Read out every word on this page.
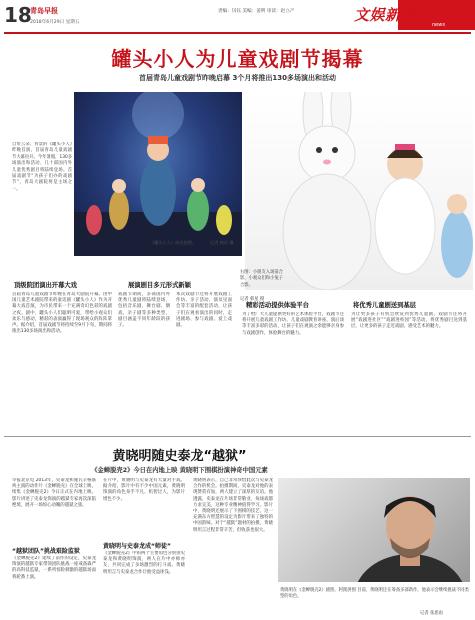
18
青岛早报
2018年6月29日 星期五
责编：闫钰 美编：姜明 审读：赵立产	文娱新闻
news
罐头小人为儿童戏剧节揭幕
首届青岛儿童戏剧节昨晚启幕 3个月将推出130多场演出和活动
自带云朵、背景的《罐头小人》昨晚首演，首届青岛儿童戏剧节大幕拉开。今年暑假，130多场演出和活动、几十部国内外儿童优秀剧目将陆续登场。首届戏剧节“为孩子们办的戏剧节”，青岛大剧院将是主场之一。
《罐头小人》演出剧照。	记者 韩星 摄
右图：小朋友入场前合影，小观众们和小兔子合影。
记者 韩星 摄
顶级院团演出开幕大戏
首届青岛儿童戏剧节昨晚在青岛大剧院开幕。由中国儿童艺术剧院带来的童话剧《罐头小人》作为开幕大戏首演，为市民带来一个充满奇幻色彩的戏剧之夜。剧中，罐头小人们聪明可爱，带给小观众们欢乐与感动，精彩的表演赢得了现场观众的阵阵掌声。据介绍，首届戏剧节将持续至9月下旬，期间将推出130多场演出和活动。
展演剧目多元形式新颖
戏剧节期间，多部国内外优秀儿童剧将陆续登场，包括音乐剧、舞台剧、偶戏、亲子剧等多种类型，剧目涵盖不同年龄段的孩子。
本次戏剧节还将开展戏剧工作坊、亲子活动、演员见面会等丰富的配套活动，让孩子们在观看演出的同时，走进剧场、参与戏剧、爱上戏剧。
精彩活动提供体验平台
为了给广大儿童提供更好的艺术体验平台，戏剧节还将开展儿童戏剧工作坊、儿童戏剧教育讲座、演后谈等丰富多彩的活动，让孩子们在观演之余能够亲身参与戏剧创作，体验舞台的魅力。
将优秀儿童剧送到基层
为让更多孩子有机会欣赏到优秀儿童剧，戏剧节还将开展“戏剧进社区”“戏剧进校园”等活动，将优秀剧目送到基层，让更多的孩子走近戏剧、感受艺术的魅力。
黄晓明随史泰龙“越狱”
《金蝉脱壳2》今日在内地上映 黄晓明下围棋扮演神奇中国元素
早报北京电 2013年，史泰龙和施瓦辛格联袂主演的动作片《金蝉脱壳》在全球上映，续集《金蝉脱壳2》今日正式在内地上映。影片讲述了史泰龙饰演的越狱专家再次深陷绝境，展开一场惊心动魄的越狱之旅。
“越狱团队”挑战艰险监狱
《金蝉脱壳2》延续了前作的设定，史泰龙饰演的越狱专家带领团队挑战一座戒备森严的高科技监狱，一系列惊险刺激的越狱场面将轮番上演。
在片中，黄晓明与史泰龙有大量对手戏。据介绍，影片中有不少中国元素，黄晓明饰演的角色身手不凡、机智过人，为影片增色不少。
黄晓明与史泰龙成“师徒”
《金蝉脱壳2》中的两个主要角色分别由史泰龙和黄晓明饰演，两人在片中亦师亦友，共同完成了多场激烈的打斗戏。黄晓明坦言与史泰龙合作让他受益匪浅。
黄晓明表示，自己非常珍惜此次与史泰龙合作的机会。拍摄期间，史泰龙对他的表现赞赏有加，两人建立了深厚的友谊。他透露，史泰龙在片场非常敬业，每场戏都力求完美，这种专业精神值得学习。影片中，黄晓明还展示了下围棋的技艺，这一充满东方智慧的设定为影片带来了独特的中国韵味。对于“越狱”题材的拍摄，黄晓明坦言过程非常辛苦，但收获也很大。
黄晓明在《金蝉脱壳2》剧照。阿派供图 目前，黄晓明还在筹备多部新作，他表示会继续挑战不同类型的角色。
记者 张思雨
